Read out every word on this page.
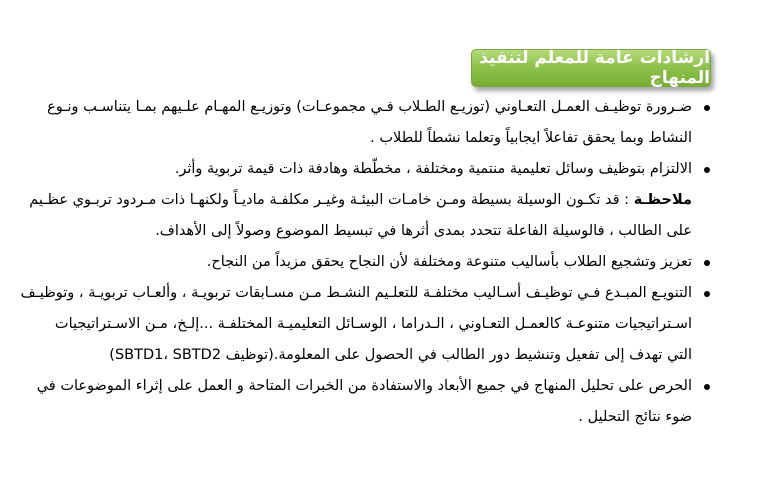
ارشادات عامة للمعلم لتنفيذ المنهاج
ضـرورة توظيـف العمـل التعـاوني (توزيـع الطـلاب فـي مجموعـات) وتوزيـع المهـام علـيهم بمـا يتناسـب ونـوع
النشاط وبما يحقق تفاعلاً ايجابياً وتعلما نشطاً للطلاب .
الالتزام بتوظيف وسائل تعليمية منتمية ومختلفة ، مخطّطة وهادفة ذات قيمة تربوية وأثر.
ملاحظـة : قد تكـون الوسيلة بسيطة ومـن خامـات البيئـة وغيـر مكلفـة ماديـاً ولكنهـا ذات مـردود تربـوي عظـيم
على الطالب ، فالوسيلة الفاعلة تتحدد بمدى أثرها في تبسيط الموضوع وصولاً إلى الأهداف.
تعزيز وتشجيع الطلاب بأساليب متنوعة ومختلفة لأن النجاح يحقق مزيداً من النجاح.
التنويـع المبـدع فـي توظيـف أسـاليب مختلفـة للتعلـيم النشـط مـن مسـابقات تربويـة ، وألعـاب تربويـة ، وتوظيـف
اسـتراتيجيات متنوعـة كالعمـل التعـاوني ، الـدراما ، الوسـائل التعليميـة المختلفـة ...إلـخ، مـن الاسـتراتيجيات
التي تهدف إلى تفعيل وتنشيط دور الطالب في الحصول على المعلومة.(توظيف SBTD1، SBTD2)
الحرص على تحليل المنهاج في جميع الأبعاد والاستفادة من الخبرات المتاحة و العمل على إثراء الموضوعات في
ضوء نتائج التحليل .
